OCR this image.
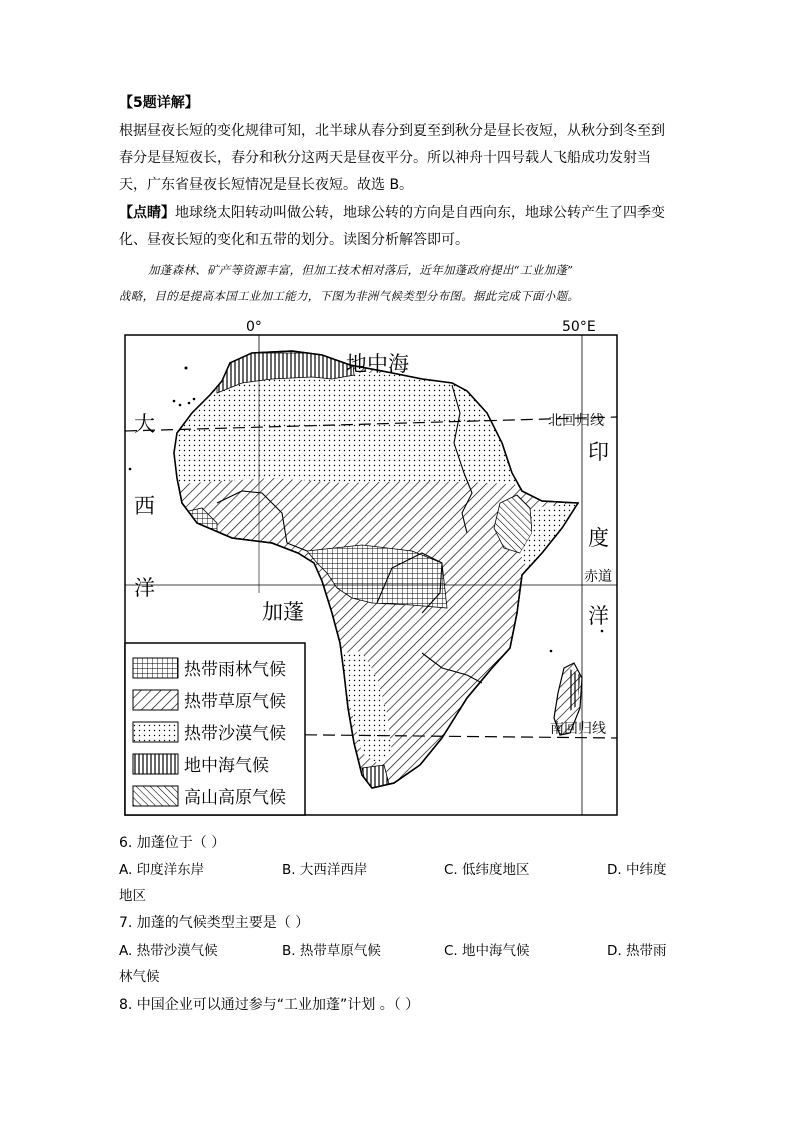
【5题详解】
根据昼夜长短的变化规律可知，北半球从春分到夏至到秋分是昼长夜短，从秋分到冬至到
春分是昼短夜长，春分和秋分这两天是昼夜平分。所以神舟十四号载人飞船成功发射当
天，广东省昼夜长短情况是昼长夜短。故选 B。
【点睛】地球绕太阳转动叫做公转，地球公转的方向是自西向东，地球公转产生了四季变
化、昼夜长短的变化和五带的划分。读图分析解答即可。
加蓬森林、矿产等资源丰富，但加工技术相对落后，近年加蓬政府提出“工业加蓬”
战略，目的是提高本国工业加工能力，下图为非洲气候类型分布图。据此完成下面小题。
0°	50°E
地中海
大
西
洋
印
度
洋
北回归线
赤道
南回归线
加蓬
热带雨林气候
热带草原气候
热带沙漠气候
地中海气候
高山高原气候
6. 加蓬位于（ ）
A. 印度洋东岸	B. 大西洋西岸	C. 低纬度地区	D. 中纬度
地区
7. 加蓬的气候类型主要是（ ）
A. 热带沙漠气候	B. 热带草原气候	C. 地中海气候	D. 热带雨
林气候
8. 中国企业可以通过参与“工业加蓬”计划 。（ ）
